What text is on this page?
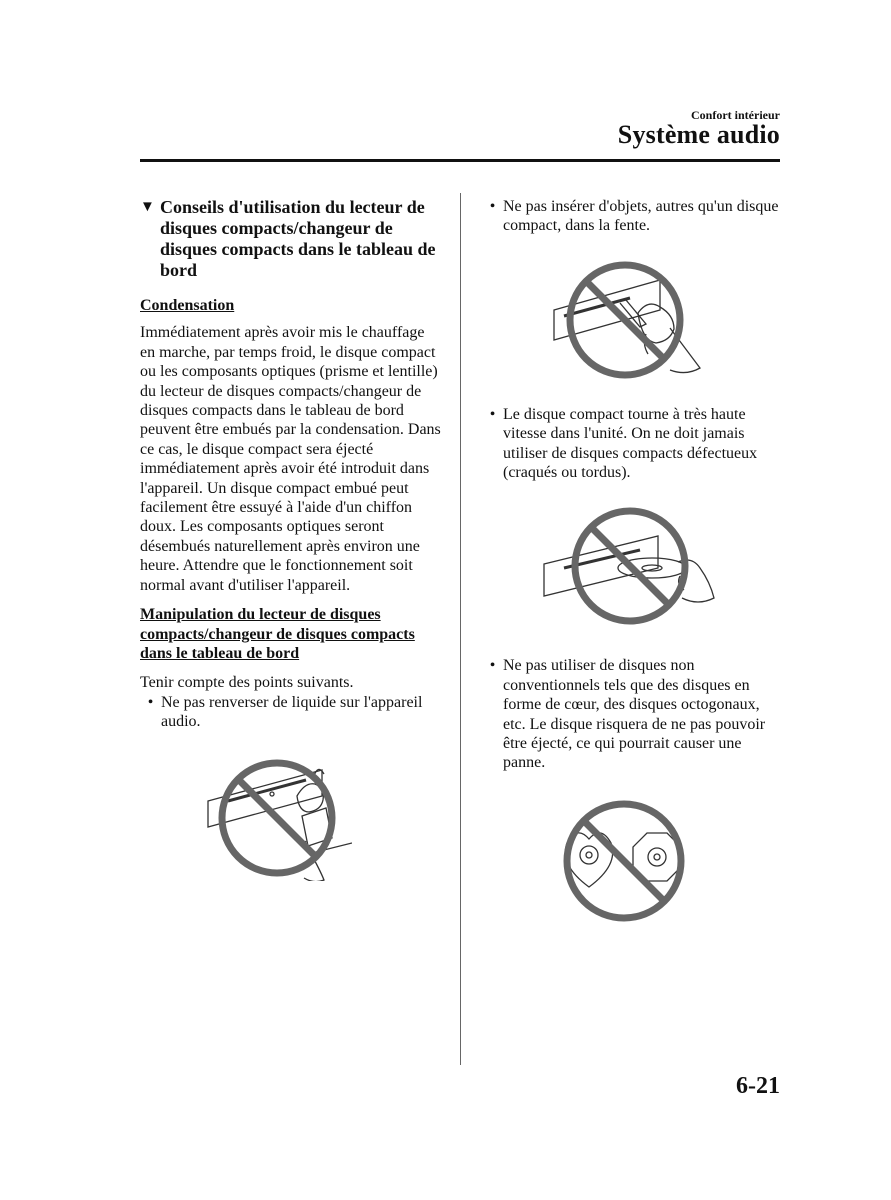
Confort intérieur
Système audio
▼ Conseils d'utilisation du lecteur de disques compacts/changeur de disques compacts dans le tableau de bord

Condensation

Immédiatement après avoir mis le chauffage en marche, par temps froid, le disque compact ou les composants optiques (prisme et lentille) du lecteur de disques compacts/changeur de disques compacts dans le tableau de bord peuvent être embués par la condensation. Dans ce cas, le disque compact sera éjecté immédiatement après avoir été introduit dans l'appareil. Un disque compact embué peut facilement être essuyé à l'aide d'un chiffon doux. Les composants optiques seront désembués naturellement après environ une heure. Attendre que le fonctionnement soit normal avant d'utiliser l'appareil.

Manipulation du lecteur de disques compacts/changeur de disques compacts dans le tableau de bord

Tenir compte des points suivants.

• Ne pas renverser de liquide sur l'appareil audio.
• Ne pas insérer d'objets, autres qu'un disque compact, dans la fente.
• Le disque compact tourne à très haute vitesse dans l'unité. On ne doit jamais utiliser de disques compacts défectueux (craqués ou tordus).
• Ne pas utiliser de disques non conventionnels tels que des disques en forme de cœur, des disques octogonaux, etc. Le disque risquera de ne pas pouvoir être éjecté, ce qui pourrait causer une panne.
6-21
